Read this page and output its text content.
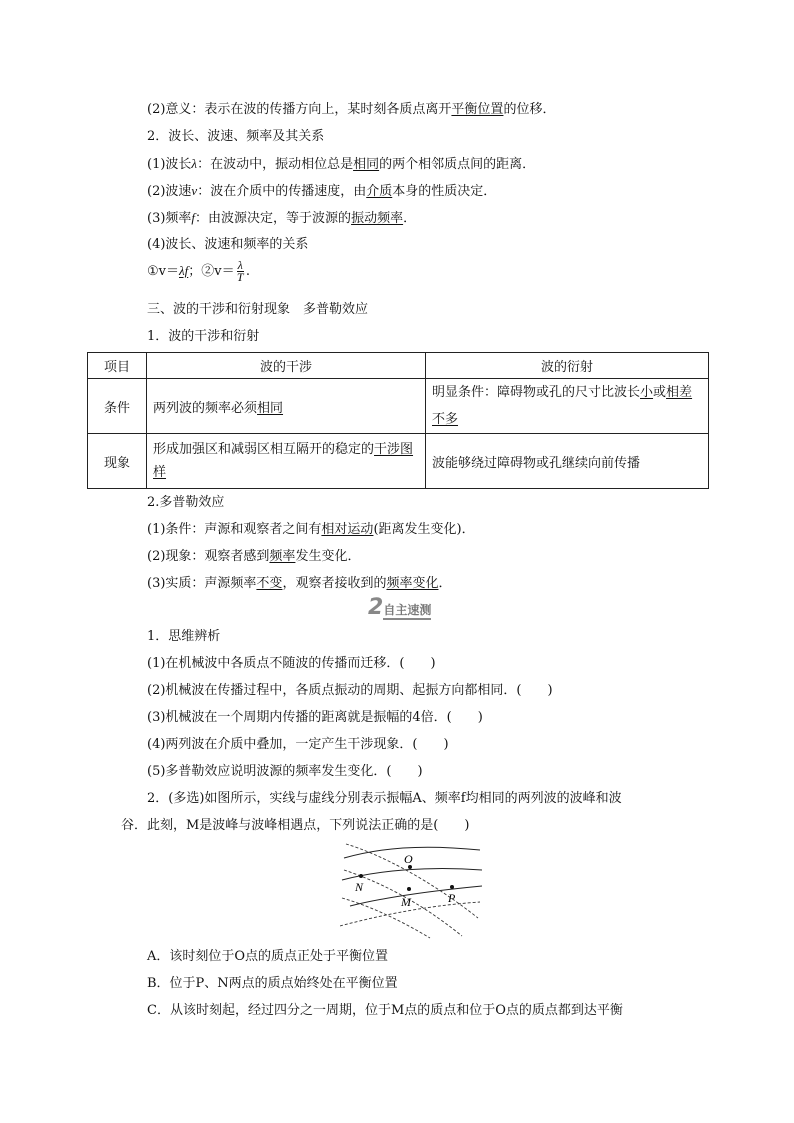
(2)意义：表示在波的传播方向上，某时刻各质点离开平衡位置的位移．
2．波长、波速、频率及其关系
(1)波长λ：在波动中，振动相位总是相同的两个相邻质点间的距离．
(2)波速v：波在介质中的传播速度，由介质本身的性质决定．
(3)频率f：由波源决定，等于波源的振动频率．
(4)波长、波速和频率的关系
①v＝λf；②v＝ $\frac{\lambda}{T}$ .
三、波的干涉和衍射现象　多普勒效应
1．波的干涉和衍射
项目	波的干涉	波的衍射
条件	两列波的频率必须相同	明显条件：障碍物或孔的尺寸比波长小或相差不多
现象	形成加强区和减弱区相互隔开的稳定的干涉图样	波能够绕过障碍物或孔继续向前传播
2.多普勒效应
(1)条件：声源和观察者之间有相对运动(距离发生变化)．
(2)现象：观察者感到频率发生变化．
(3)实质：声源频率不变，观察者接收到的频率变化．
2自主速测
1．思维辨析
(1)在机械波中各质点不随波的传播而迁移．(　　)
(2)机械波在传播过程中，各质点振动的周期、起振方向都相同．(　　)
(3)机械波在一个周期内传播的距离就是振幅的4倍．(　　)
(4)两列波在介质中叠加，一定产生干涉现象．(　　)
(5)多普勒效应说明波源的频率发生变化．(　　)
2．(多选)如图所示，实线与虚线分别表示振幅A、频率f均相同的两列波的波峰和波
谷．此刻，M是波峰与波峰相遇点，下列说法正确的是(　　)
O
N
M	P
A．该时刻位于O点的质点正处于平衡位置
B．位于P、N两点的质点始终处在平衡位置
C．从该时刻起，经过四分之一周期，位于M点的质点和位于O点的质点都到达平衡
